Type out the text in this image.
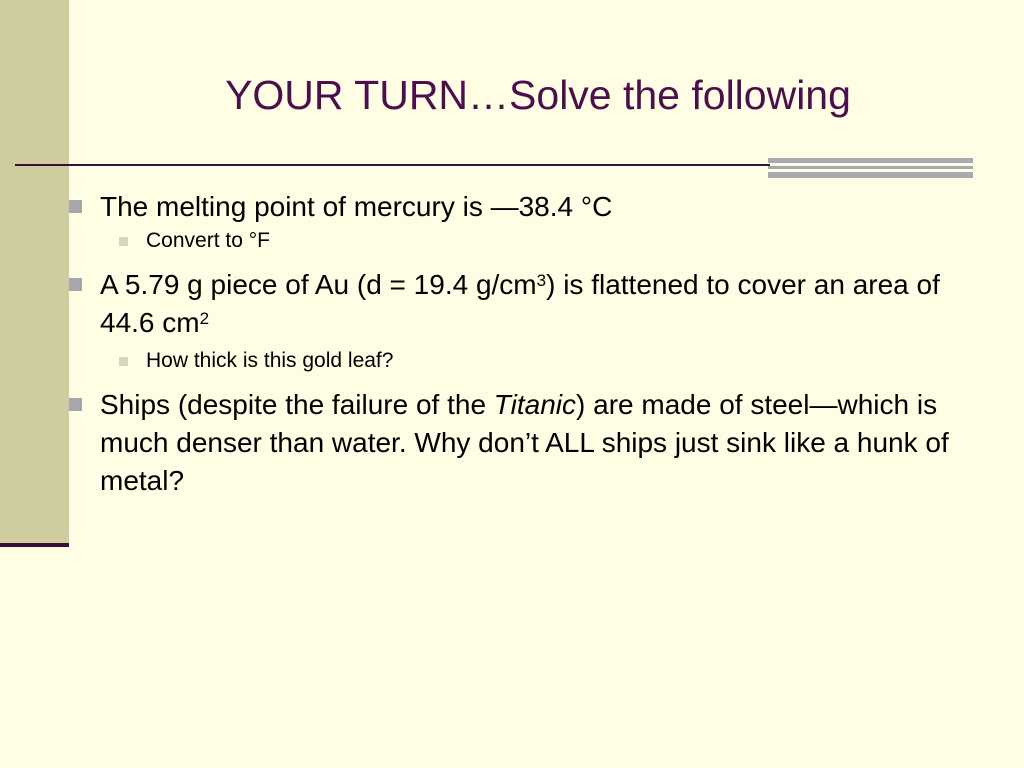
YOUR TURN…Solve the following
The melting point of mercury is —38.4 °C
Convert to °F
A 5.79 g piece of Au (d = 19.4 $g/cm^3$) is flattened to cover an area of 44.6 $cm^2$
How thick is this gold leaf?
Ships (despite the failure of the Titanic) are made of steel—which is much denser than water. Why don’t ALL ships just sink like a hunk of metal?
